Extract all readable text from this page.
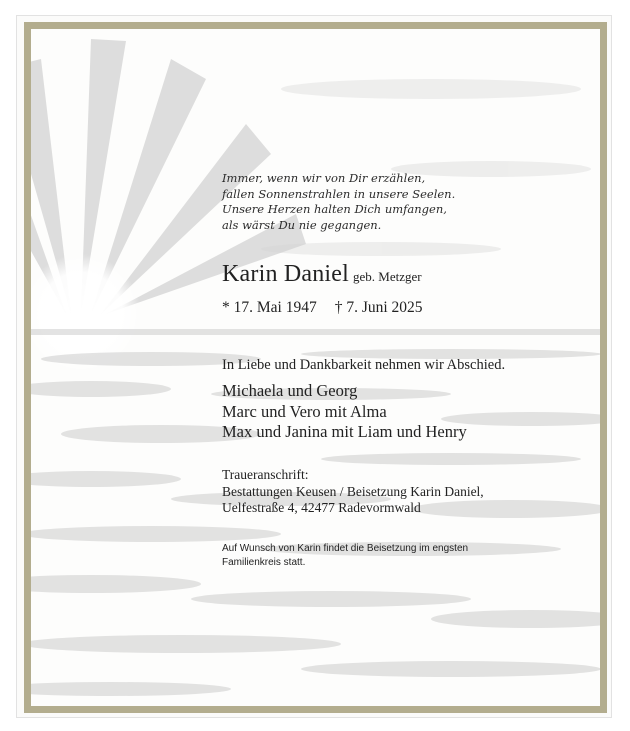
Immer, wenn wir von Dir erzählen,
fallen Sonnenstrahlen in unsere Seelen.
Unsere Herzen halten Dich umfangen,
als wärst Du nie gegangen.
Karin Daniel geb. Metzger
* 17. Mai 1947 † 7. Juni 2025
In Liebe und Dankbarkeit nehmen wir Abschied.
Michaela und Georg
Marc und Vero mit Alma
Max und Janina mit Liam und Henry
Traueranschrift:
Bestattungen Keusen / Beisetzung Karin Daniel,
Uelfestraße 4, 42477 Radevormwald
Auf Wunsch von Karin findet die Beisetzung im engsten
Familienkreis statt.
